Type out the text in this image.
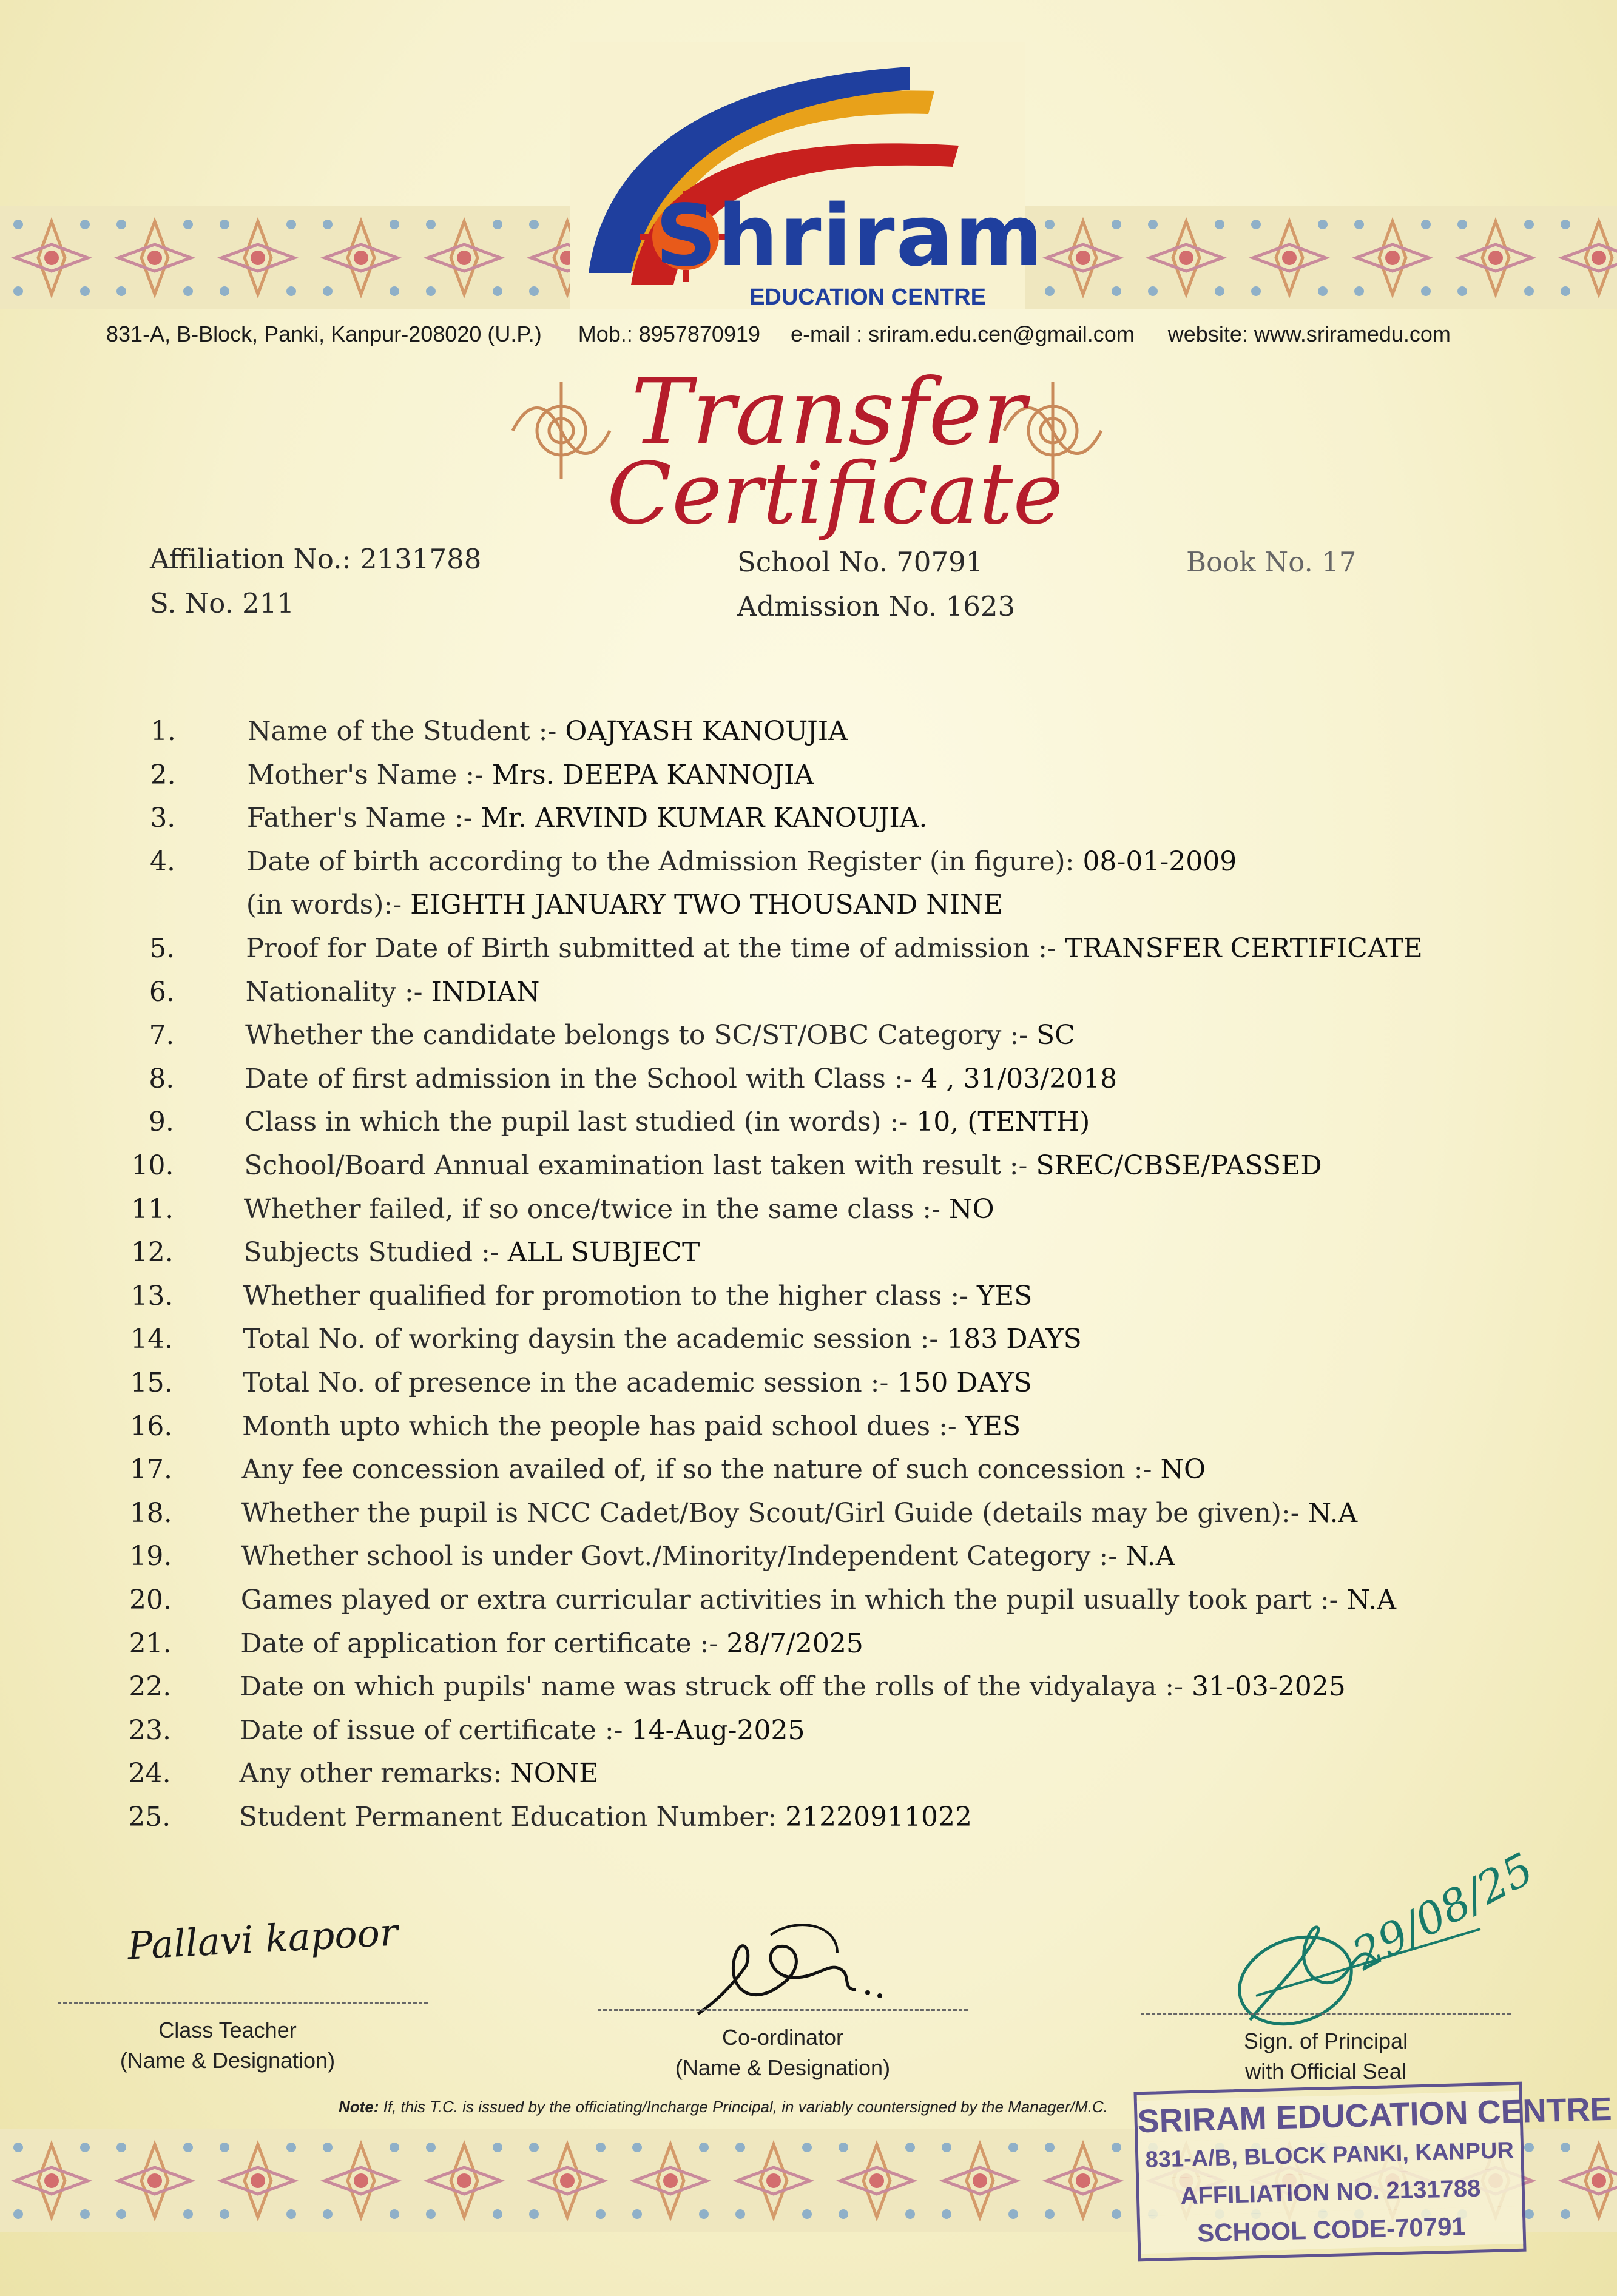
Shriram
EDUCATION CENTRE
831-A, B-Block, Panki, Kanpur-208020 (U.P.) Mob.: 8957870919 e-mail : sriram.edu.cen@gmail.com website: www.sriramedu.com
Transfer
Certificate
Affiliation No.: 2131788
S. No. 211
School No. 70791
Admission No. 1623
Book No. 17
1.	Name of the Student :- OAJYASH KANOUJIA
2.	Mother's Name :- Mrs. DEEPA KANNOJIA
3.	Father's Name :- Mr. ARVIND KUMAR KANOUJIA.
4.	Date of birth according to the Admission Register (in figure): 08-01-2009
(in words):- EIGHTH JANUARY TWO THOUSAND NINE
5.	Proof for Date of Birth submitted at the time of admission :- TRANSFER CERTIFICATE
6.	Nationality :- INDIAN
7.	Whether the candidate belongs to SC/ST/OBC Category :- SC
8.	Date of first admission in the School with Class :- 4 , 31/03/2018
9.	Class in which the pupil last studied (in words) :- 10, (TENTH)
10.	School/Board Annual examination last taken with result :- SREC/CBSE/PASSED
11.	Whether failed, if so once/twice in the same class :- NO
12.	Subjects Studied :- ALL SUBJECT
13.	Whether qualified for promotion to the higher class :- YES
14.	Total No. of working daysin the academic session :- 183 DAYS
15.	Total No. of presence in the academic session :- 150 DAYS
16.	Month upto which the people has paid school dues :- YES
17.	Any fee concession availed of, if so the nature of such concession :- NO
18.	Whether the pupil is NCC Cadet/Boy Scout/Girl Guide (details may be given):- N.A
19.	Whether school is under Govt./Minority/Independent Category :- N.A
20.	Games played or extra curricular activities in which the pupil usually took part :- N.A
21.	Date of application for certificate :- 28/7/2025
22.	Date on which pupils' name was struck off the rolls of the vidyalaya :- 31-03-2025
23.	Date of issue of certificate :- 14-Aug-2025
24.	Any other remarks: NONE
25.	Student Permanent Education Number: 21220911022
Pallavi kapoor
Class Teacher
(Name & Designation)
Co-ordinator
(Name & Designation)
29/08/25
Sign. of Principal
with Official Seal
Note: If, this T.C. is issued by the officiating/Incharge Principal, in variably countersigned by the Manager/M.C. SRIRAM EDUCATION CENTRE
831-A/B, BLOCK PANKI, KANPUR
AFFILIATION NO. 2131788
SCHOOL CODE-70791
